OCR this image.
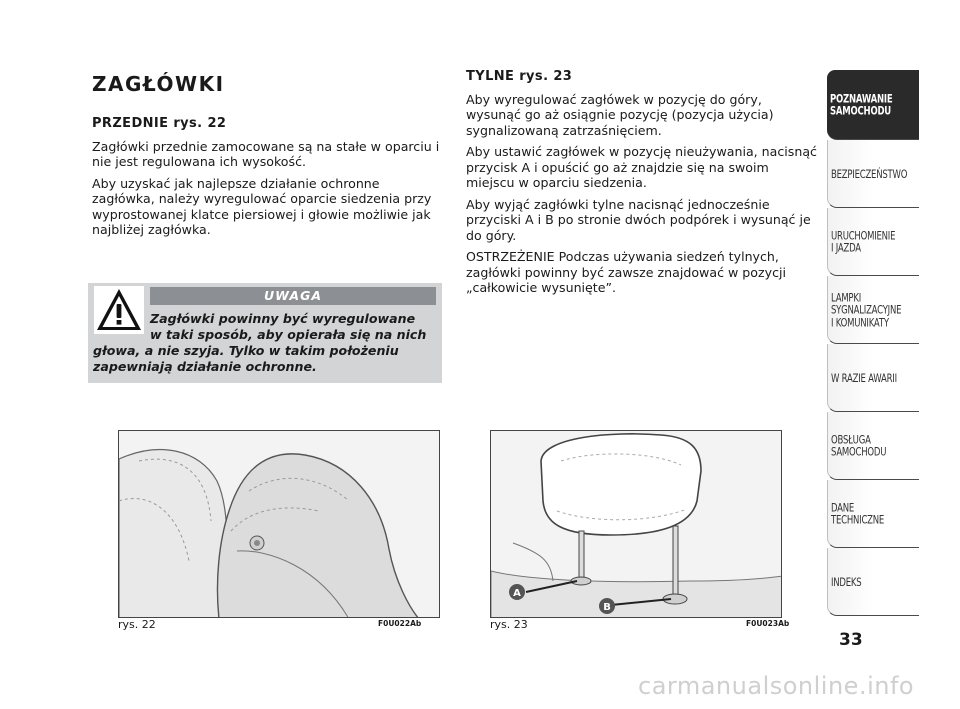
ZAGŁÓWKI
PRZEDNIE rys. 22

Zagłówki przednie zamocowane są na stałe w oparciu i nie jest regulowana ich wysokość.

Aby uzyskać jak najlepsze działanie ochronne zagłówka, należy wyregulować oparcie siedzenia przy wyprostowanej klatce piersiowej i głowie możliwie jak najbliżej zagłówka.

UWAGA
Zagłówki powinny być wyregulowane
w taki sposób, aby opierała się na nich
głowa, a nie szyja. Tylko w takim położeniu
zapewniają działanie ochronne.
TYLNE rys. 23

Aby wyregulować zagłówek w pozycję do góry, wysunąć go aż osiągnie pozycję (pozycja użycia) sygnalizowaną zatrzaśnięciem.

Aby ustawić zagłówek w pozycję nieużywania, nacisnąć przycisk A i opuścić go aż znajdzie się na swoim miejscu w oparciu siedzenia.

Aby wyjąć zagłówki tylne nacisnąć jednocześnie przyciski A i B po stronie dwóch podpórek i wysunąć je do góry.

OSTRZEŻENIE Podczas używania siedzeń tylnych, zagłówki powinny być zawsze znajdować w pozycji „całkowicie wysunięte”.

rys. 22	F0U022Ab
A
B
rys. 23	F0U023Ab
POZNAWANIE
SAMOCHODU
BEZPIECZEŃSTWO
URUCHOMIENIE
I JAZDA
LAMPKI
SYGNALIZACYJNE
I KOMUNIKATY
W RAZIE AWARII
OBSŁUGA
SAMOCHODU
DANE
TECHNICZNE
INDEKS
33
carmanualsonline.info
